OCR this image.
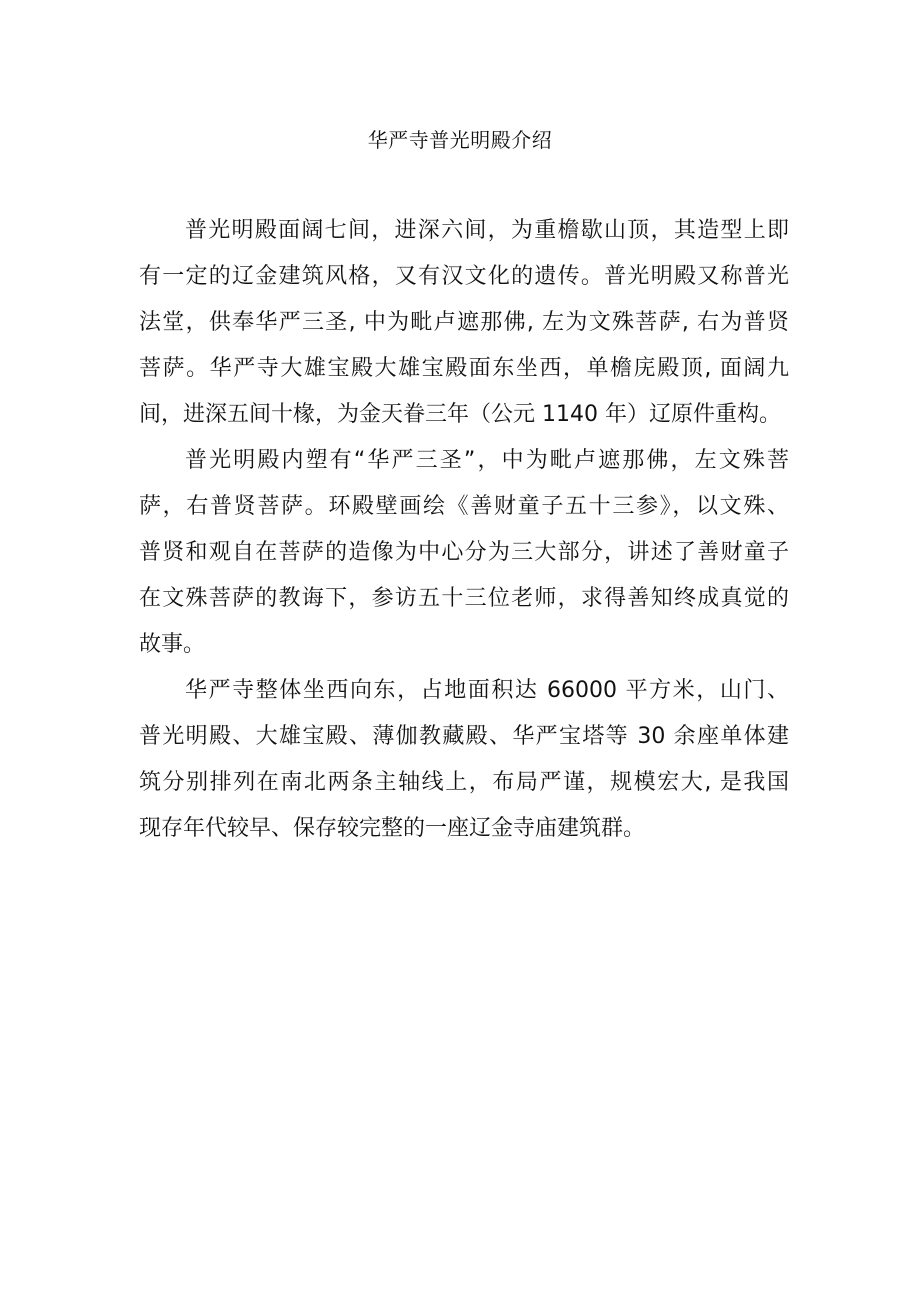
华严寺普光明殿介绍
普光明殿面阔七间，进深六间，为重檐歇山顶，其造型上即
有一定的辽金建筑风格，又有汉文化的遗传。普光明殿又称普光
法堂，供奉华严三圣, 中为毗卢遮那佛, 左为文殊菩萨, 右为普贤
菩萨。华严寺大雄宝殿大雄宝殿面东坐西，单檐庑殿顶, 面阔九
间，进深五间十椽，为金天眷三年（公元 1140 年）辽原件重构。
普光明殿内塑有“华严三圣”，中为毗卢遮那佛，左文殊菩
萨，右普贤菩萨。环殿壁画绘《善财童子五十三参》，以文殊、
普贤和观自在菩萨的造像为中心分为三大部分，讲述了善财童子
在文殊菩萨的教诲下，参访五十三位老师，求得善知终成真觉的
故事。
华严寺整体坐西向东，占地面积达 66000 平方米，山门、
普光明殿、大雄宝殿、薄伽教藏殿、华严宝塔等 30 余座单体建
筑分别排列在南北两条主轴线上，布局严谨，规模宏大, 是我国
现存年代较早、保存较完整的一座辽金寺庙建筑群。
